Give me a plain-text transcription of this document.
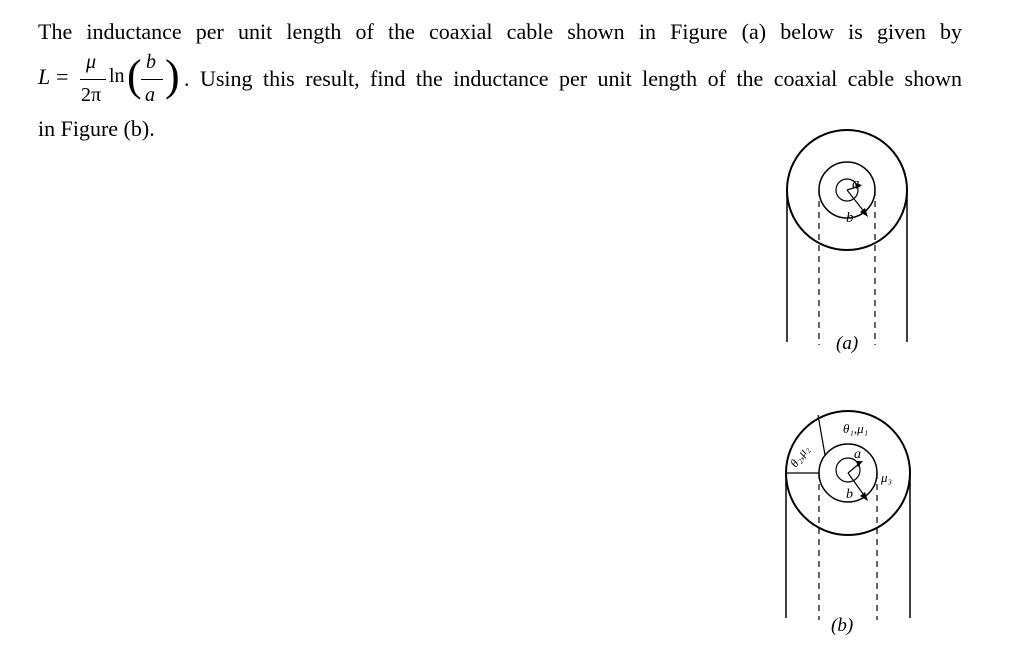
The inductance per unit length of the coaxial cable shown in Figure (a) below is given by
L =
μ
2π
ln ( b
a ) . Using this result, find the inductance per unit length of the coaxial cable shown
in Figure (b).
a
b
(a)
θ₁,μ₁
θ₂,μ₂
μ₃
a
b
(b)
